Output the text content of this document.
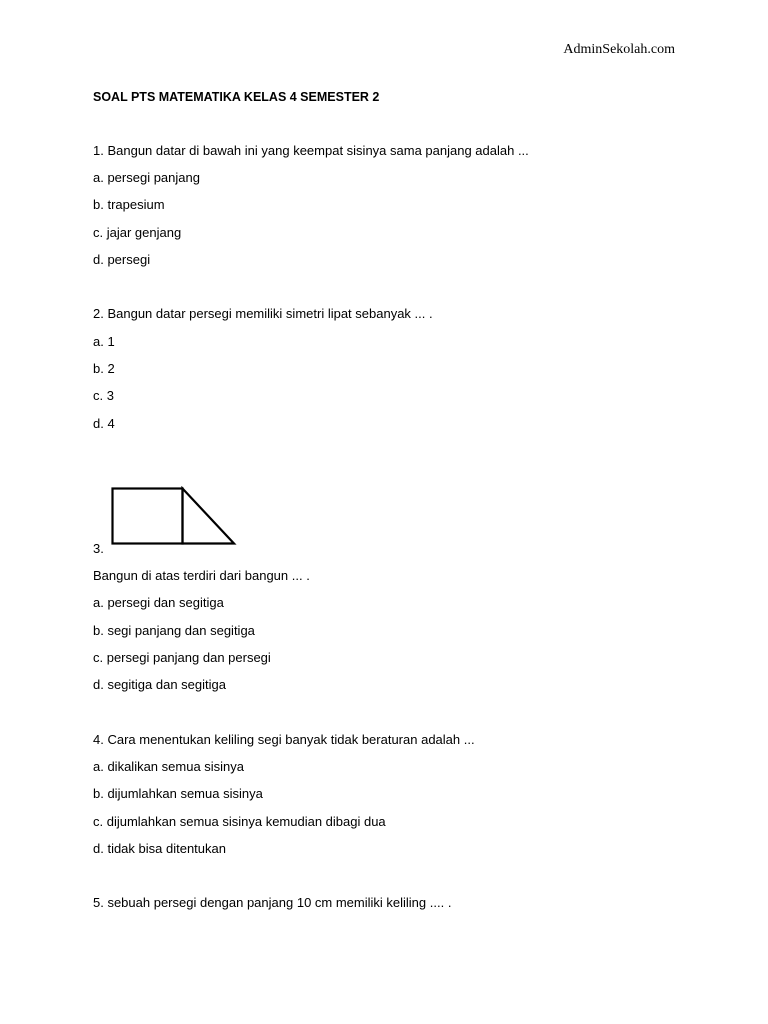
AdminSekolah.com
SOAL PTS MATEMATIKA KELAS 4 SEMESTER 2
1. Bangun datar di bawah ini yang keempat sisinya sama panjang adalah ...
a. persegi panjang
b. trapesium
c. jajar genjang
d. persegi
2. Bangun datar persegi memiliki simetri lipat sebanyak ... .
a. 1
b. 2
c. 3
d. 4
3.
Bangun di atas terdiri dari bangun ... .
a. persegi dan segitiga
b. segi panjang dan segitiga
c. persegi panjang dan persegi
d. segitiga dan segitiga
4. Cara menentukan keliling segi banyak tidak beraturan adalah ...
a. dikalikan semua sisinya
b. dijumlahkan semua sisinya
c. dijumlahkan semua sisinya kemudian dibagi dua
d. tidak bisa ditentukan
5. sebuah persegi dengan panjang 10 cm memiliki keliling .... .
